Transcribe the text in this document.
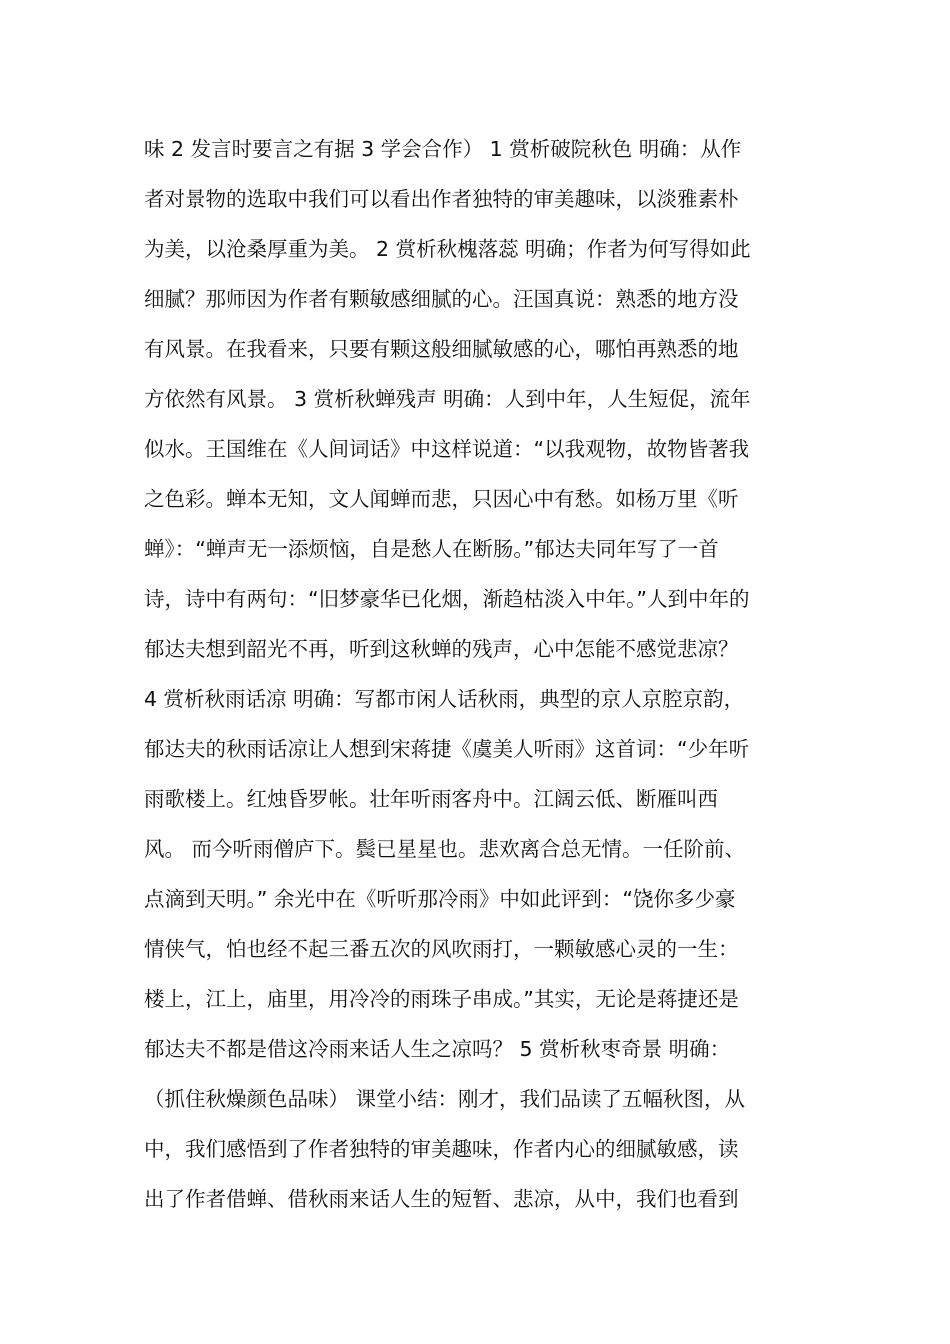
味 2 发言时要言之有据 3 学会合作） 1 赏析破院秋色 明确：从作
者对景物的选取中我们可以看出作者独特的审美趣味，以淡雅素朴
为美，以沧桑厚重为美。 2 赏析秋槐落蕊 明确；作者为何写得如此
细腻？那师因为作者有颗敏感细腻的心。汪国真说：熟悉的地方没
有风景。在我看来，只要有颗这般细腻敏感的心，哪怕再熟悉的地
方依然有风景。 3 赏析秋蝉残声 明确：人到中年，人生短促，流年
似水。王国维在《人间词话》中这样说道：“以我观物，故物皆著我
之色彩。蝉本无知，文人闻蝉而悲，只因心中有愁。如杨万里《听
蝉》：“蝉声无一添烦恼，自是愁人在断肠。”郁达夫同年写了一首
诗，诗中有两句：“旧梦豪华已化烟，渐趋枯淡入中年。”人到中年的
郁达夫想到韶光不再，听到这秋蝉的残声，心中怎能不感觉悲凉？
4 赏析秋雨话凉 明确：写都市闲人话秋雨，典型的京人京腔京韵，
郁达夫的秋雨话凉让人想到宋蒋捷《虞美人听雨》这首词：“少年听
雨歌楼上。红烛昏罗帐。壮年听雨客舟中。江阔云低、断雁叫西
风。 而今听雨僧庐下。鬓已星星也。悲欢离合总无情。一任阶前、
点滴到天明。” 余光中在《听听那冷雨》中如此评到：“饶你多少豪
情侠气，怕也经不起三番五次的风吹雨打，一颗敏感心灵的一生：
楼上，江上，庙里，用冷冷的雨珠子串成。”其实，无论是蒋捷还是
郁达夫不都是借这冷雨来话人生之凉吗？ 5 赏析秋枣奇景 明确：
（抓住秋燥颜色品味） 课堂小结：刚才，我们品读了五幅秋图，从
中，我们感悟到了作者独特的审美趣味，作者内心的细腻敏感，读
出了作者借蝉、借秋雨来话人生的短暂、悲凉，从中，我们也看到
